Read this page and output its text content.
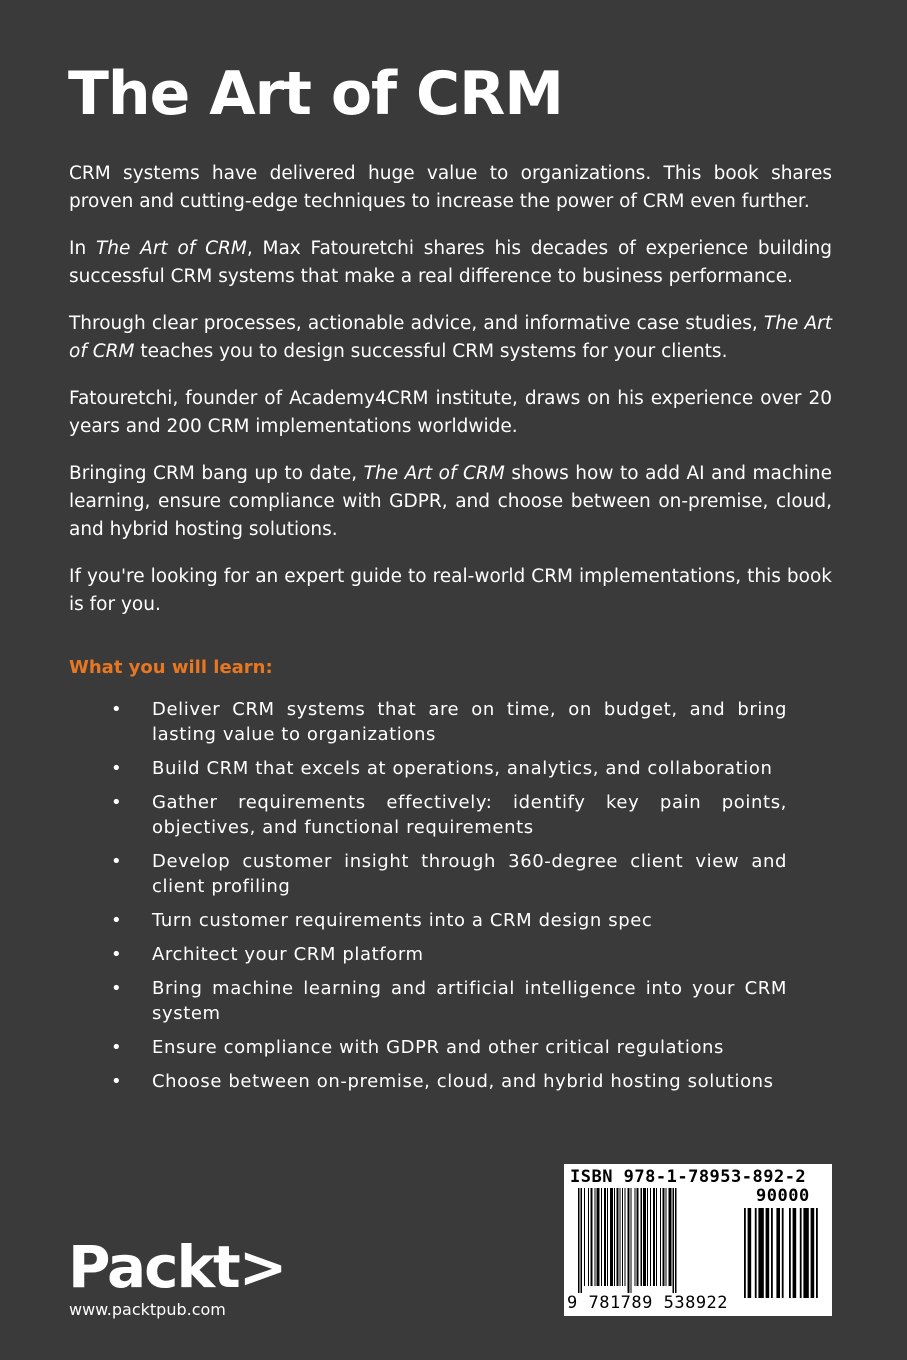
The Art of CRM

CRM systems have delivered huge value to organizations. This book shares proven and cutting-edge techniques to increase the power of CRM even further.

In The Art of CRM, Max Fatouretchi shares his decades of experience building successful CRM systems that make a real difference to business performance.

Through clear processes, actionable advice, and informative case studies, The Art of CRM teaches you to design successful CRM systems for your clients.

Fatouretchi, founder of Academy4CRM institute, draws on his experience over 20 years and 200 CRM implementations worldwide.

Bringing CRM bang up to date, The Art of CRM shows how to add AI and machine learning, ensure compliance with GDPR, and choose between on-premise, cloud, and hybrid hosting solutions.

If you're looking for an expert guide to real-world CRM implementations, this book is for you.

What you will learn:
• Deliver CRM systems that are on time, on budget, and bring lasting value to organizations
• Build CRM that excels at operations, analytics, and collaboration
• Gather requirements effectively: identify key pain points, objectives, and functional requirements
• Develop customer insight through 360-degree client view and client profiling
• Turn customer requirements into a CRM design spec
• Architect your CRM platform
• Bring machine learning and artificial intelligence into your CRM system
• Ensure compliance with GDPR and other critical regulations
• Choose between on-premise, cloud, and hybrid hosting solutions
Packt>
www.packtpub.com
ISBN 978-1-78953-892-2
90000
9 781789 538922
